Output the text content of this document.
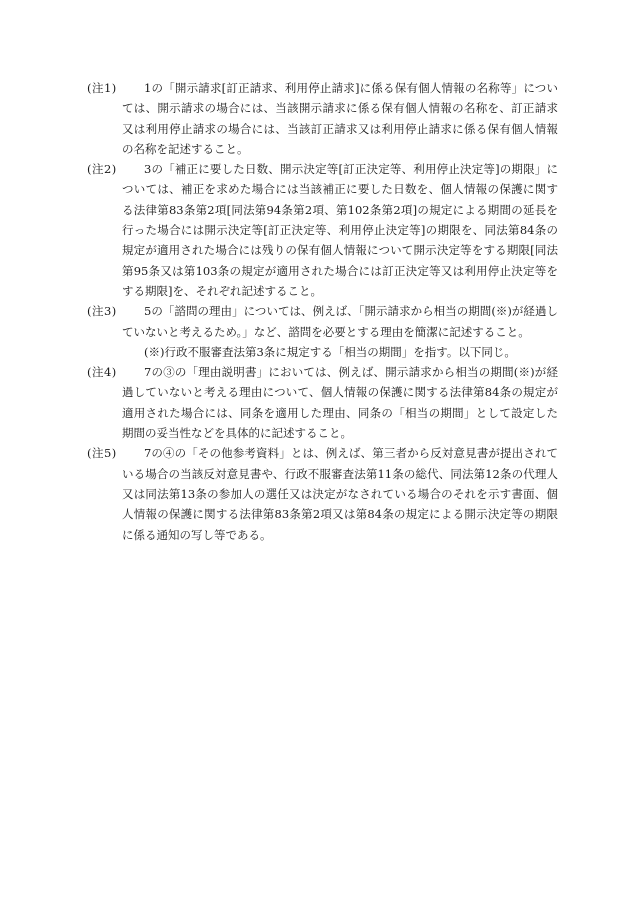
(注1)	1の「開示請求[訂正請求、利用停止請求]に係る保有個人情報の名称等」については、開示請求の場合には、当該開示請求に係る保有個人情報の名称を、訂正請求又は利用停止請求の場合には、当該訂正請求又は利用停止請求に係る保有個人情報の名称を記述すること。

(注2)	3の「補正に要した日数、開示決定等[訂正決定等、利用停止決定等]の期限」については、補正を求めた場合には当該補正に要した日数を、個人情報の保護に関する法律第83条第2項[同法第94条第2項、第102条第2項]の規定による期間の延長を行った場合には開示決定等[訂正決定等、利用停止決定等]の期限を、同法第84条の規定が適用された場合には残りの保有個人情報について開示決定等をする期限[同法第95条又は第103条の規定が適用された場合には訂正決定等又は利用停止決定等をする期限]を、それぞれ記述すること。

(注3)	5の「諮問の理由」については、例えば、「開示請求から相当の期間(※)が経過していないと考えるため。」など、諮問を必要とする理由を簡潔に記述すること。

(※)行政不服審査法第3条に規定する「相当の期間」を指す。以下同じ。

(注4)	7の③の「理由説明書」においては、例えば、開示請求から相当の期間(※)が経過していないと考える理由について、個人情報の保護に関する法律第84条の規定が適用された場合には、同条を適用した理由、同条の「相当の期間」として設定した期間の妥当性などを具体的に記述すること。

(注5)	7の④の「その他参考資料」とは、例えば、第三者から反対意見書が提出されている場合の当該反対意見書や、行政不服審査法第11条の総代、同法第12条の代理人又は同法第13条の参加人の選任又は決定がなされている場合のそれを示す書面、個人情報の保護に関する法律第83条第2項又は第84条の規定による開示決定等の期限に係る通知の写し等である。
